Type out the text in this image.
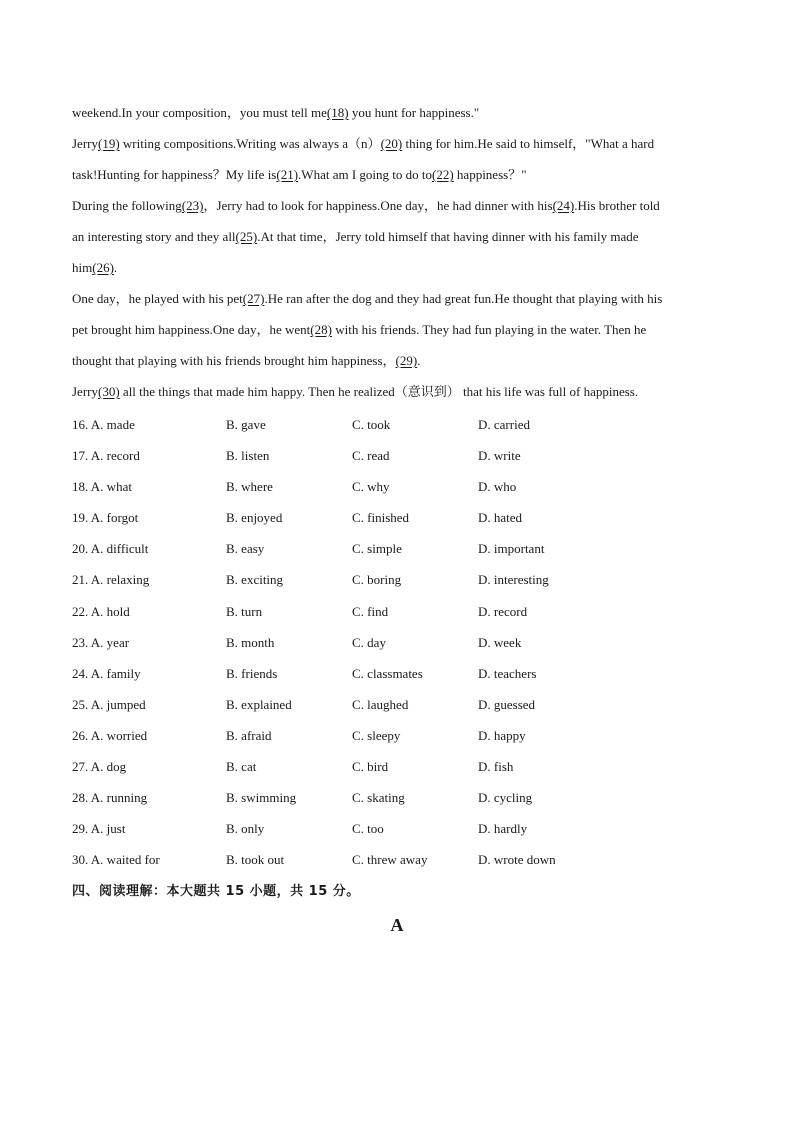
weekend.In your composition，you must tell me(18) you hunt for happiness."
Jerry(19) writing compositions.Writing was always a（n）(20) thing for him.He said to himself，"What a hard
task!Hunting for happiness？My life is(21).What am I going to do to(22) happiness？"
During the following(23)，Jerry had to look for happiness.One day，he had dinner with his(24).His brother told
an interesting story and they all(25).At that time，Jerry told himself that having dinner with his family made
him(26).
One day，he played with his pet(27).He ran after the dog and they had great fun.He thought that playing with his
pet brought him happiness.One day，he went(28) with his friends. They had fun playing in the water. Then he
thought that playing with his friends brought him happiness，(29).
Jerry(30) all the things that made him happy. Then he realized（意识到） that his life was full of happiness.
16. A. made	B. gave	C. took	D. carried
17. A. record	B. listen	C. read	D. write
18. A. what	B. where	C. why	D. who
19. A. forgot	B. enjoyed	C. finished	D. hated
20. A. difficult	B. easy	C. simple	D. important
21. A. relaxing	B. exciting	C. boring	D. interesting
22. A. hold	B. turn	C. find	D. record
23. A. year	B. month	C. day	D. week
24. A. family	B. friends	C. classmates	D. teachers
25. A. jumped	B. explained	C. laughed	D. guessed
26. A. worried	B. afraid	C. sleepy	D. happy
27. A. dog	B. cat	C. bird	D. fish
28. A. running	B. swimming	C. skating	D. cycling
29. A. just	B. only	C. too	D. hardly
30. A. waited for	B. took out	C. threw away	D. wrote down
四、阅读理解：本大题共 15 小题，共 15 分。
A
